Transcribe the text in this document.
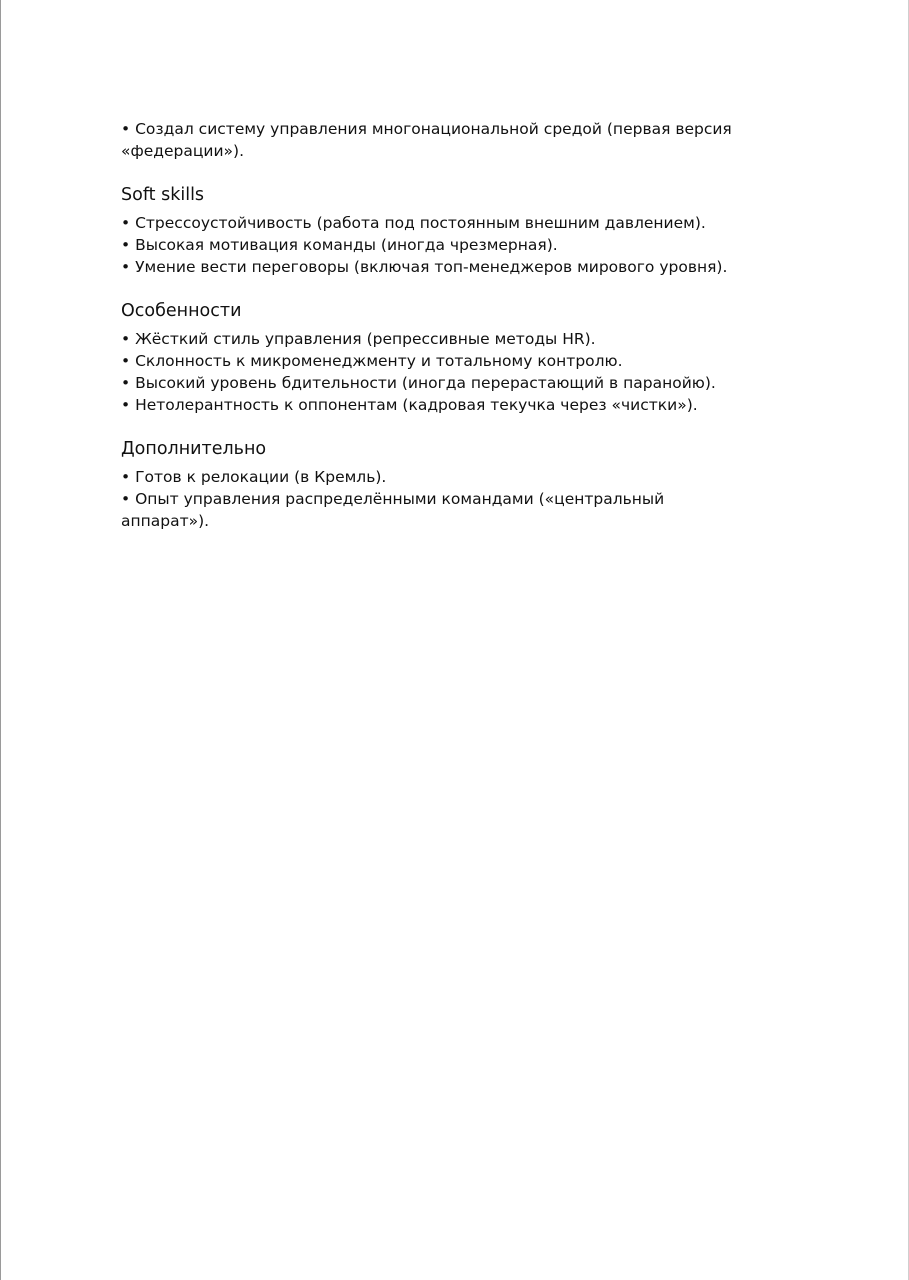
• Создал систему управления многонациональной средой (первая версия «федерации»).

Soft skills

• Стрессоустойчивость (работа под постоянным внешним давлением).

• Высокая мотивация команды (иногда чрезмерная).

• Умение вести переговоры (включая топ-менеджеров мирового уровня).

Особенности

• Жёсткий стиль управления (репрессивные методы HR).

• Склонность к микроменеджменту и тотальному контролю.

• Высокий уровень бдительности (иногда перерастающий в паранойю).

• Нетолерантность к оппонентам (кадровая текучка через «чистки»).

Дополнительно

• Готов к релокации (в Кремль).

• Опыт управления распределёнными командами («центральный аппарат»).
